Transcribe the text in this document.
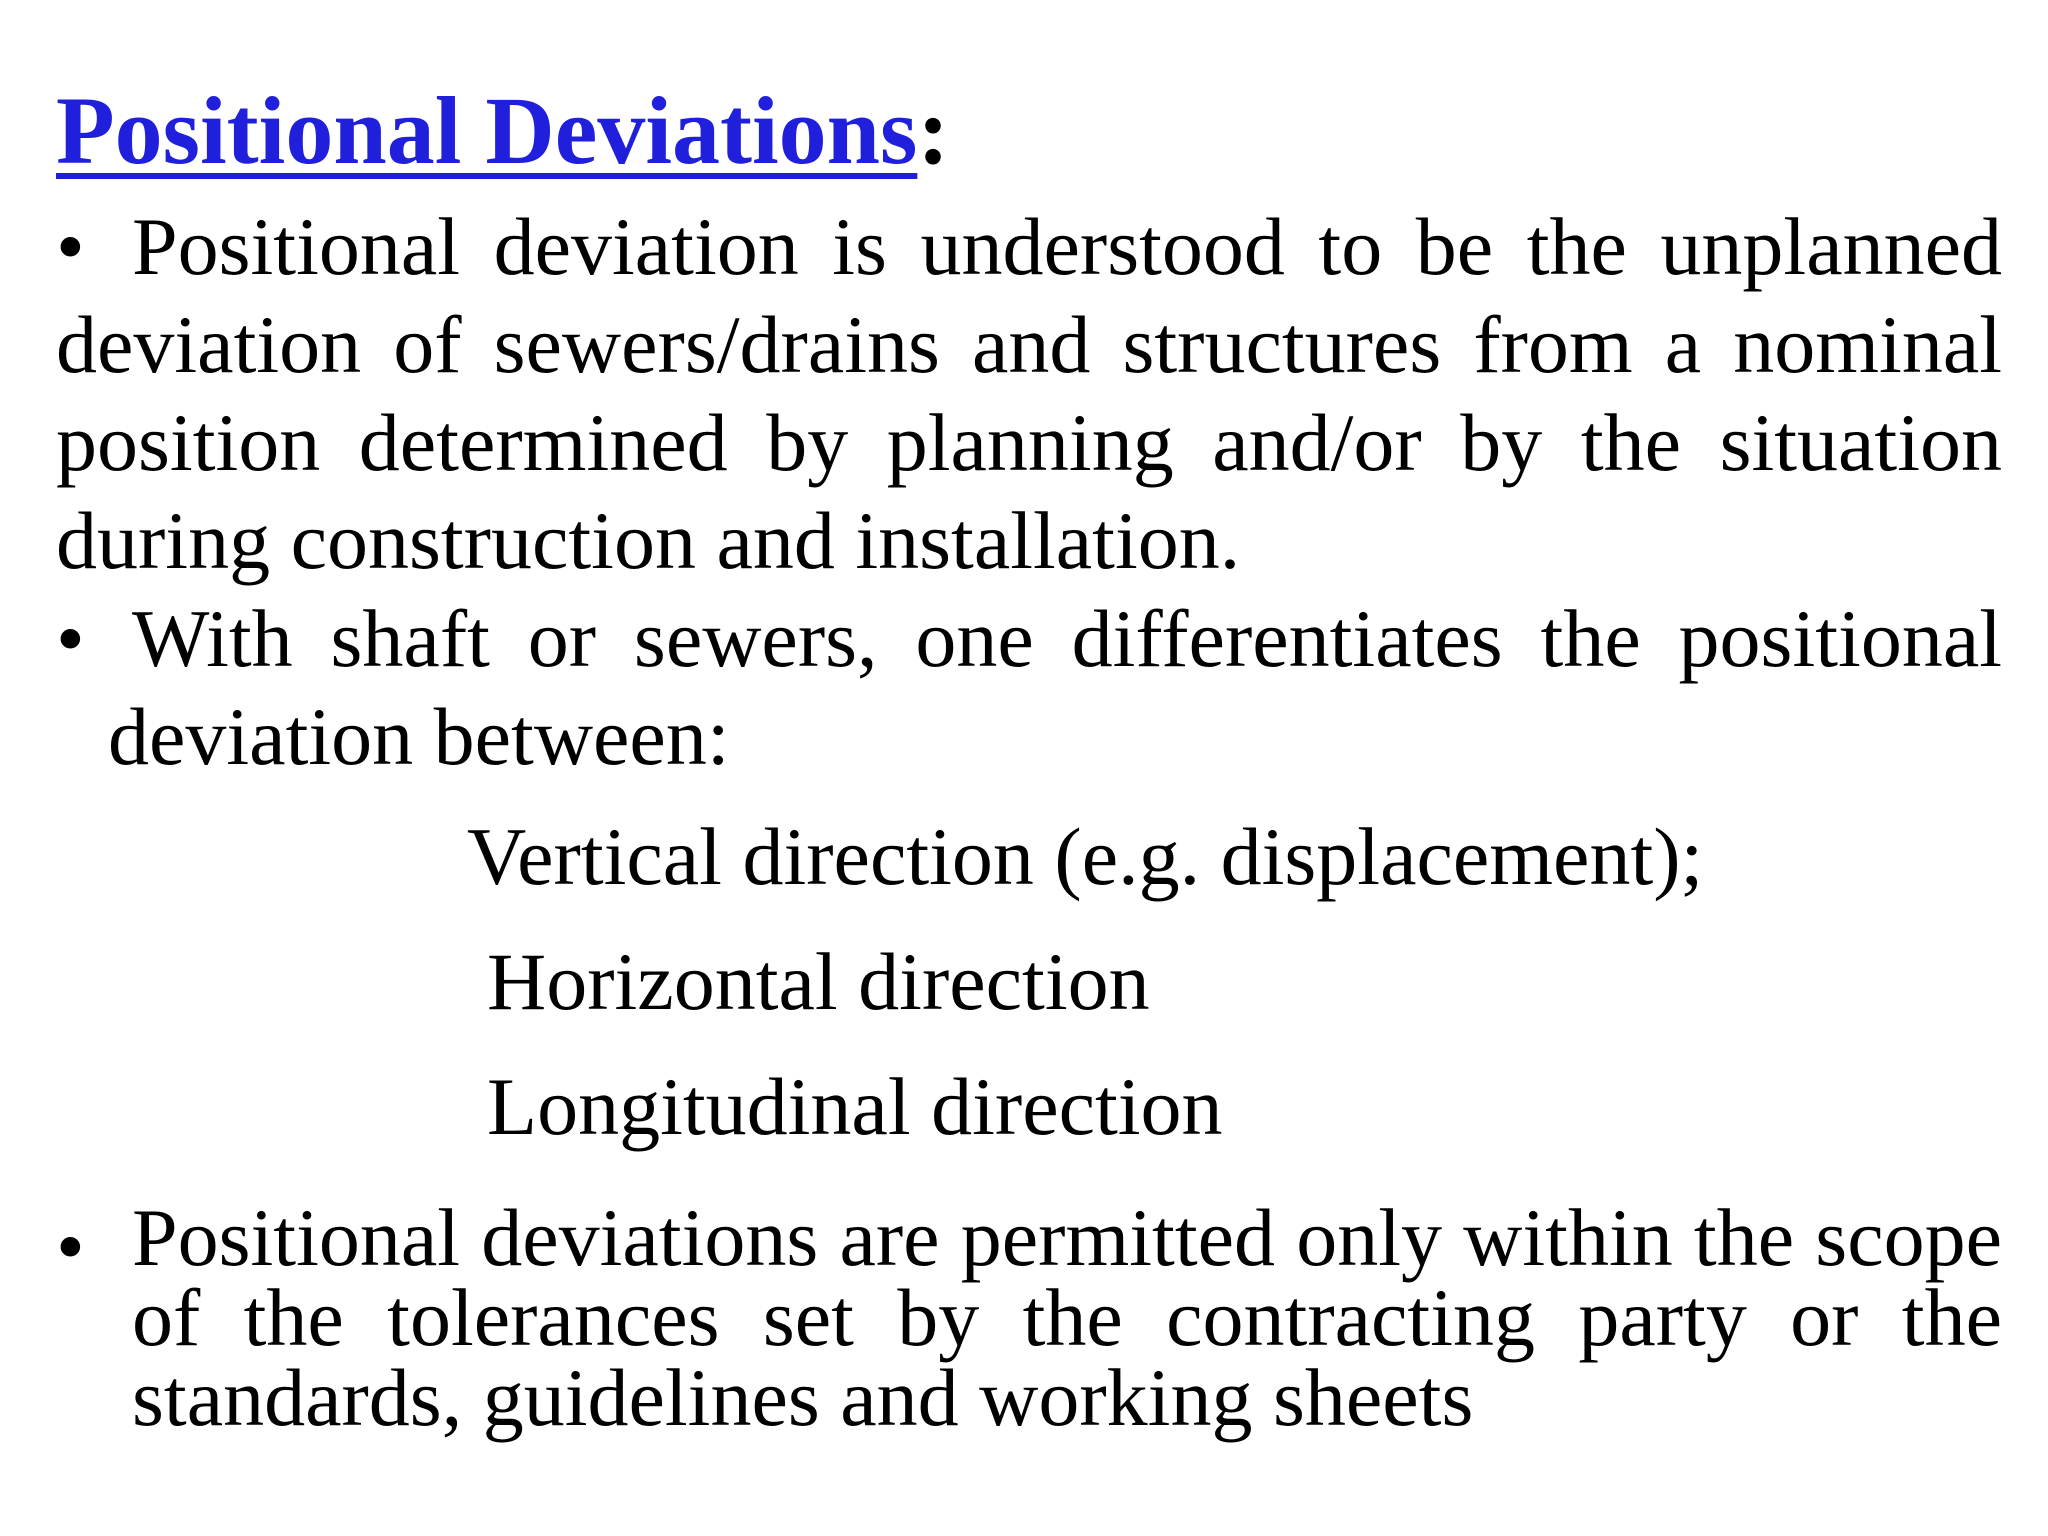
Positional Deviations:
• Positional deviation is understood to be the unplanned deviation of sewers/drains and structures from a nominal position determined by planning and/or by the situation during construction and installation.
• With shaft or sewers, one differentiates the positional deviation between:
Vertical direction (e.g. displacement);
Horizontal direction
Longitudinal direction
• Positional deviations are permitted only within the scope of the tolerances set by the contracting party or the standards, guidelines and working sheets
